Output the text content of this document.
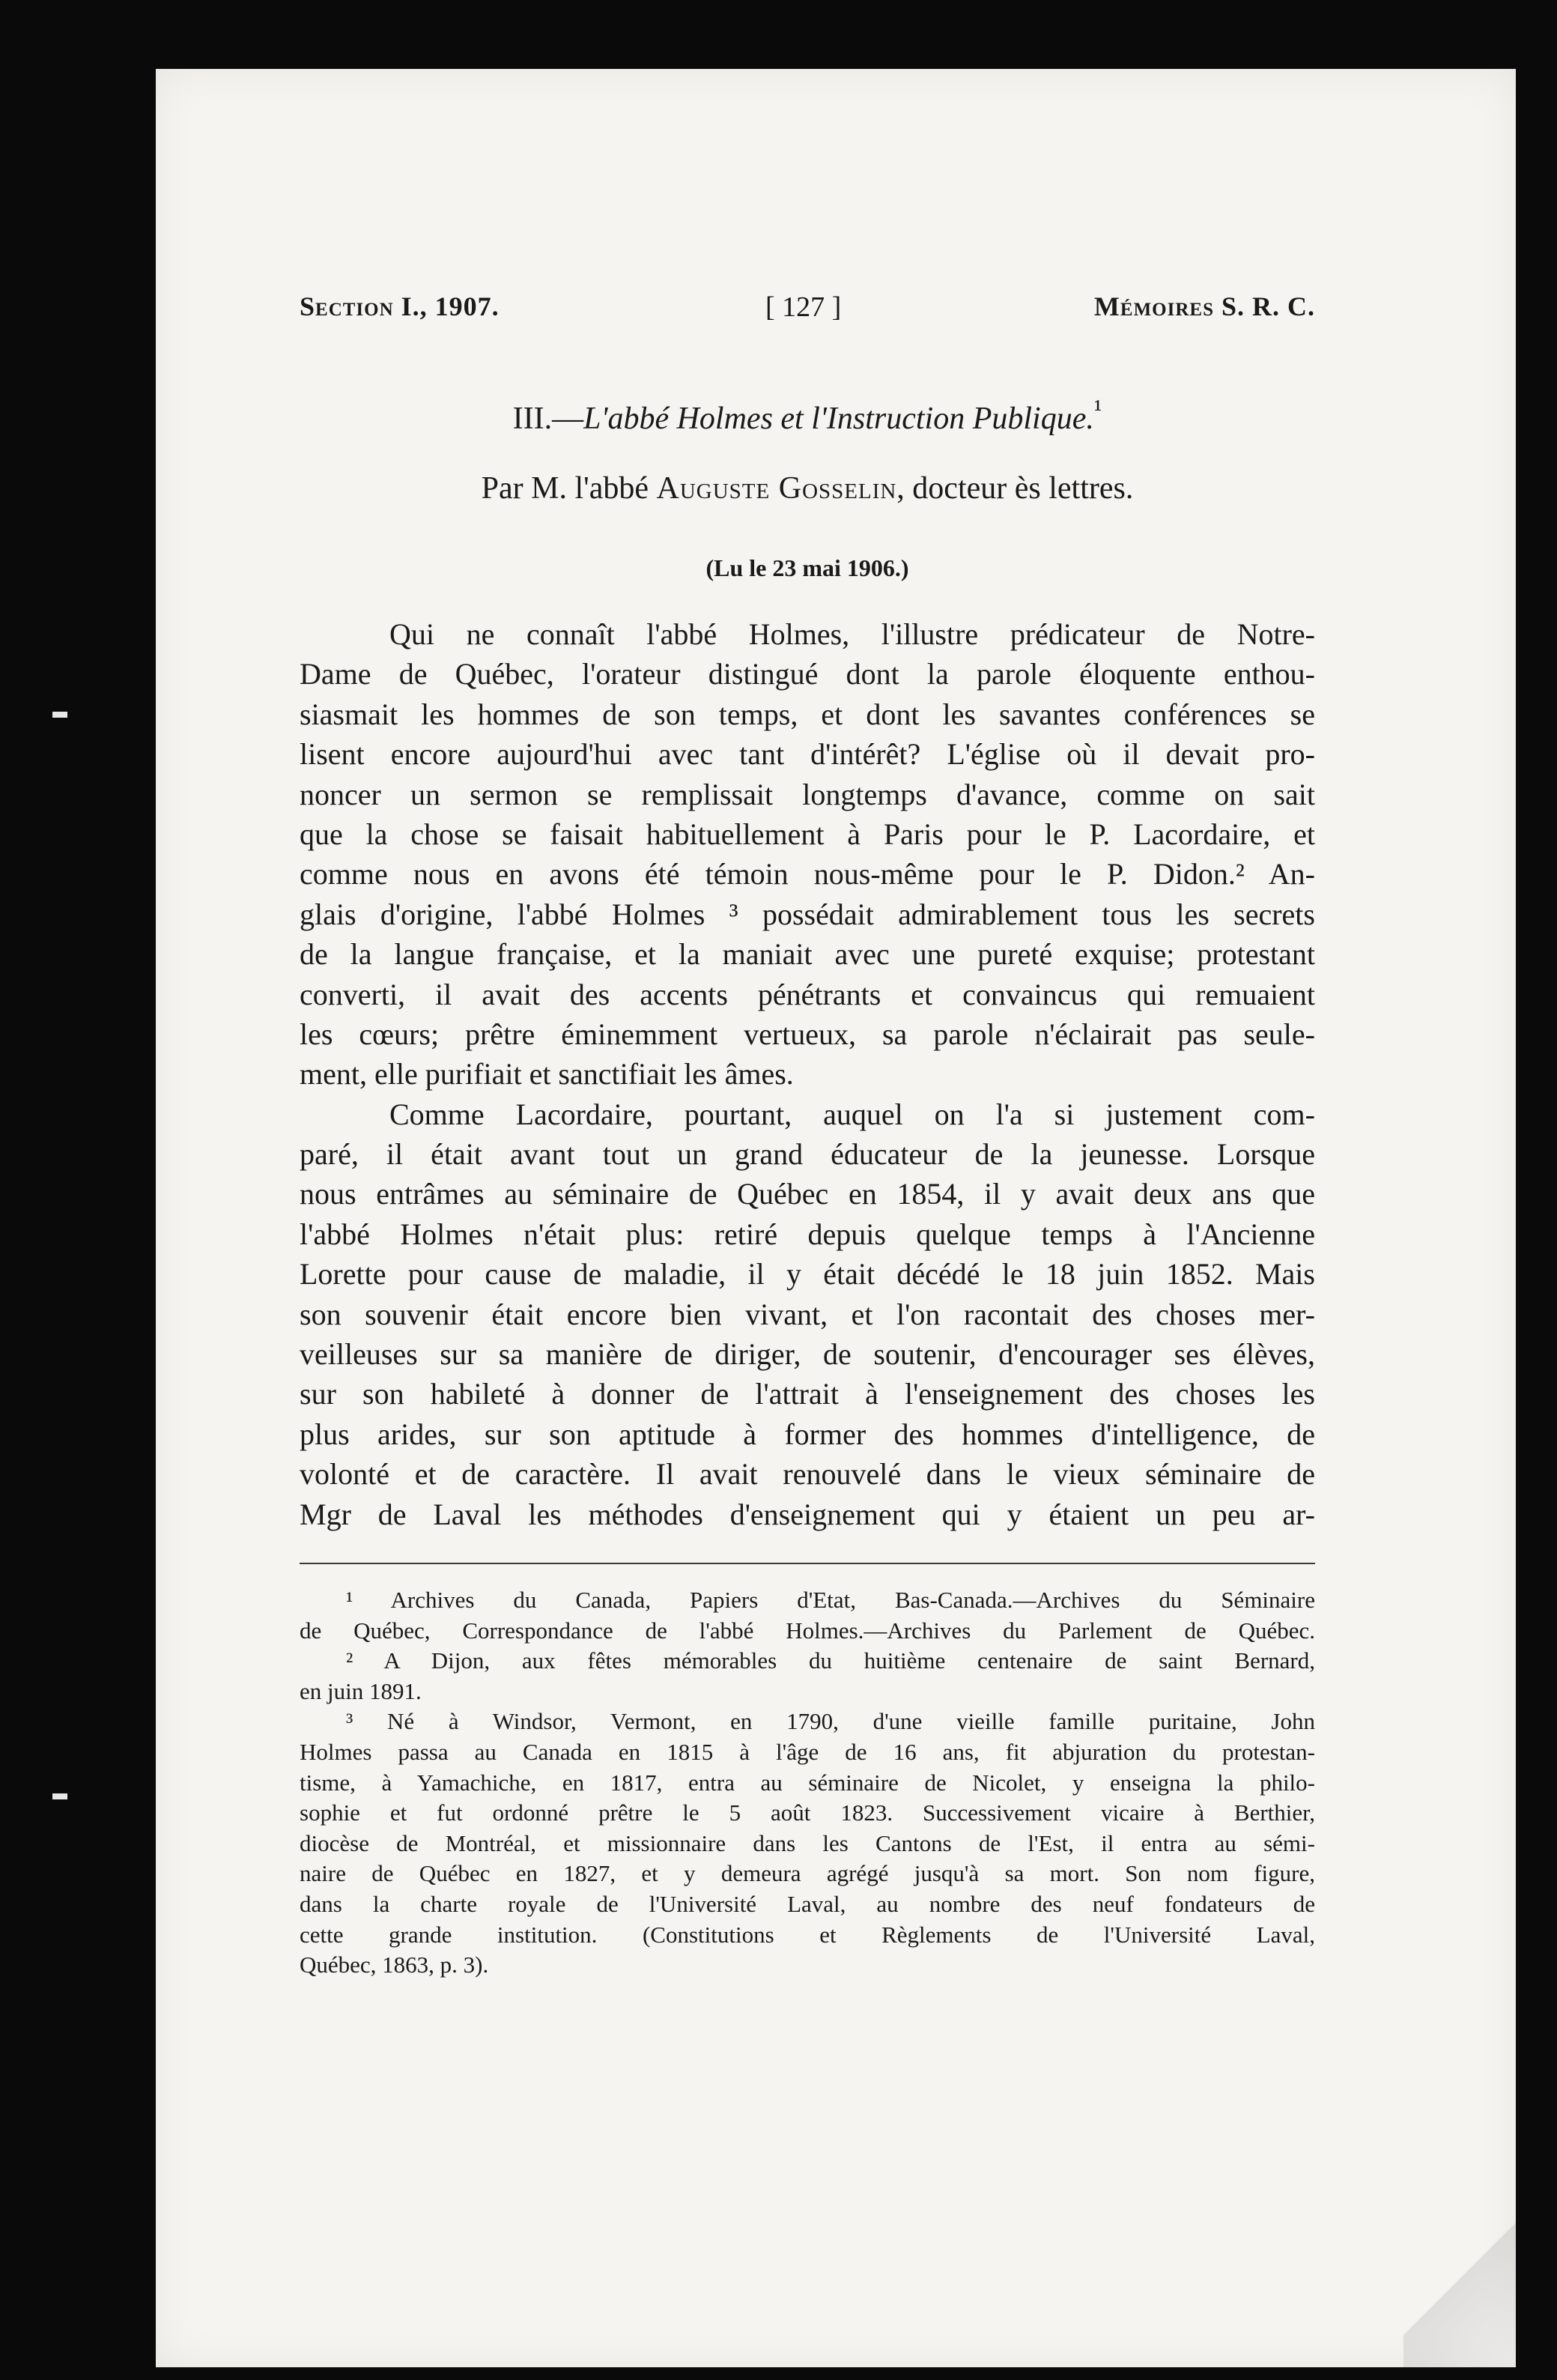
Section I., 1907.	[ 127 ]	Mémoires S. R. C.
III.—L'abbé Holmes et l'Instruction Publique.$^{^1}$
Par M. l'abbé Auguste Gosselin, docteur ès lettres.
(Lu le 23 mai 1906.)
Qui ne connaît l'abbé Holmes, l'illustre prédicateur de Notre-
Dame de Québec, l'orateur distingué dont la parole éloquente enthou-
siasmait les hommes de son temps, et dont les savantes conférences se
lisent encore aujourd'hui avec tant d'intérêt? L'église où il devait pro-
noncer un sermon se remplissait longtemps d'avance, comme on sait
que la chose se faisait habituellement à Paris pour le P. Lacordaire, et
comme nous en avons été témoin nous-même pour le P. Didon.² An-
glais d'origine, l'abbé Holmes ³ possédait admirablement tous les secrets
de la langue française, et la maniait avec une pureté exquise; protestant
converti, il avait des accents pénétrants et convaincus qui remuaient
les cœurs; prêtre éminemment vertueux, sa parole n'éclairait pas seule-
ment, elle purifiait et sanctifiait les âmes.
Comme Lacordaire, pourtant, auquel on l'a si justement com-
paré, il était avant tout un grand éducateur de la jeunesse. Lorsque
nous entrâmes au séminaire de Québec en 1854, il y avait deux ans que
l'abbé Holmes n'était plus: retiré depuis quelque temps à l'Ancienne
Lorette pour cause de maladie, il y était décédé le 18 juin 1852. Mais
son souvenir était encore bien vivant, et l'on racontait des choses mer-
veilleuses sur sa manière de diriger, de soutenir, d'encourager ses élèves,
sur son habileté à donner de l'attrait à l'enseignement des choses les
plus arides, sur son aptitude à former des hommes d'intelligence, de
volonté et de caractère. Il avait renouvelé dans le vieux séminaire de
Mgr de Laval les méthodes d'enseignement qui y étaient un peu ar-
¹ Archives du Canada, Papiers d'Etat, Bas-Canada.—Archives du Séminaire
de Québec, Correspondance de l'abbé Holmes.—Archives du Parlement de Québec.
² A Dijon, aux fêtes mémorables du huitième centenaire de saint Bernard,
en juin 1891.
³ Né à Windsor, Vermont, en 1790, d'une vieille famille puritaine, John
Holmes passa au Canada en 1815 à l'âge de 16 ans, fit abjuration du protestan-
tisme, à Yamachiche, en 1817, entra au séminaire de Nicolet, y enseigna la philo-
sophie et fut ordonné prêtre le 5 août 1823. Successivement vicaire à Berthier,
diocèse de Montréal, et missionnaire dans les Cantons de l'Est, il entra au sémi-
naire de Québec en 1827, et y demeura agrégé jusqu'à sa mort. Son nom figure,
dans la charte royale de l'Université Laval, au nombre des neuf fondateurs de
cette grande institution. (Constitutions et Règlements de l'Université Laval,
Québec, 1863, p. 3).
